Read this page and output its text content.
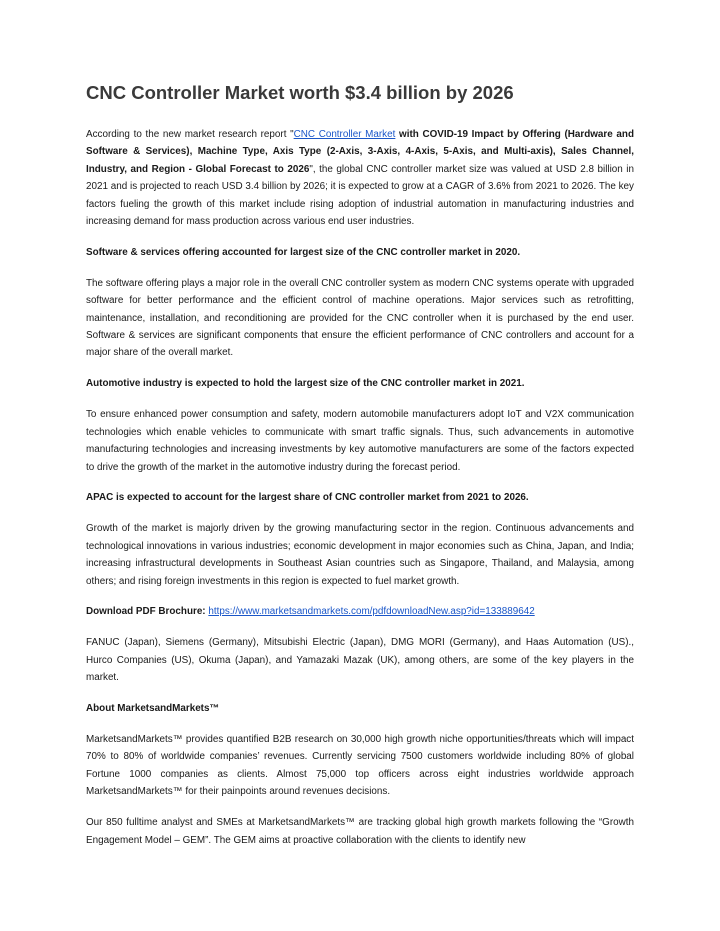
CNC Controller Market worth $3.4 billion by 2026

According to the new market research report "CNC Controller Market with COVID-19 Impact by Offering (Hardware and Software & Services), Machine Type, Axis Type (2-Axis, 3-Axis, 4-Axis, 5-Axis, and Multi-axis), Sales Channel, Industry, and Region - Global Forecast to 2026", the global CNC controller market size was valued at USD 2.8 billion in 2021 and is projected to reach USD 3.4 billion by 2026; it is expected to grow at a CAGR of 3.6% from 2021 to 2026. The key factors fueling the growth of this market include rising adoption of industrial automation in manufacturing industries and increasing demand for mass production across various end user industries.

Software & services offering accounted for largest size of the CNC controller market in 2020.

The software offering plays a major role in the overall CNC controller system as modern CNC systems operate with upgraded software for better performance and the efficient control of machine operations. Major services such as retrofitting, maintenance, installation, and reconditioning are provided for the CNC controller when it is purchased by the end user. Software & services are significant components that ensure the efficient performance of CNC controllers and account for a major share of the overall market.

Automotive industry is expected to hold the largest size of the CNC controller market in 2021.

To ensure enhanced power consumption and safety, modern automobile manufacturers adopt IoT and V2X communication technologies which enable vehicles to communicate with smart traffic signals. Thus, such advancements in automotive manufacturing technologies and increasing investments by key automotive manufacturers are some of the factors expected to drive the growth of the market in the automotive industry during the forecast period.

APAC is expected to account for the largest share of CNC controller market from 2021 to 2026.

Growth of the market is majorly driven by the growing manufacturing sector in the region. Continuous advancements and technological innovations in various industries; economic development in major economies such as China, Japan, and India; increasing infrastructural developments in Southeast Asian countries such as Singapore, Thailand, and Malaysia, among others; and rising foreign investments in this region is expected to fuel market growth.

Download PDF Brochure: https://www.marketsandmarkets.com/pdfdownloadNew.asp?id=133889642

FANUC (Japan), Siemens (Germany), Mitsubishi Electric (Japan), DMG MORI (Germany), and Haas Automation (US)., Hurco Companies (US), Okuma (Japan), and Yamazaki Mazak (UK), among others, are some of the key players in the market.

About MarketsandMarkets™

MarketsandMarkets™ provides quantified B2B research on 30,000 high growth niche opportunities/threats which will impact 70% to 80% of worldwide companies’ revenues. Currently servicing 7500 customers worldwide including 80% of global Fortune 1000 companies as clients. Almost 75,000 top officers across eight industries worldwide approach MarketsandMarkets™ for their painpoints around revenues decisions.

Our 850 fulltime analyst and SMEs at MarketsandMarkets™ are tracking global high growth markets following the “Growth Engagement Model – GEM”. The GEM aims at proactive collaboration with the clients to identify new
